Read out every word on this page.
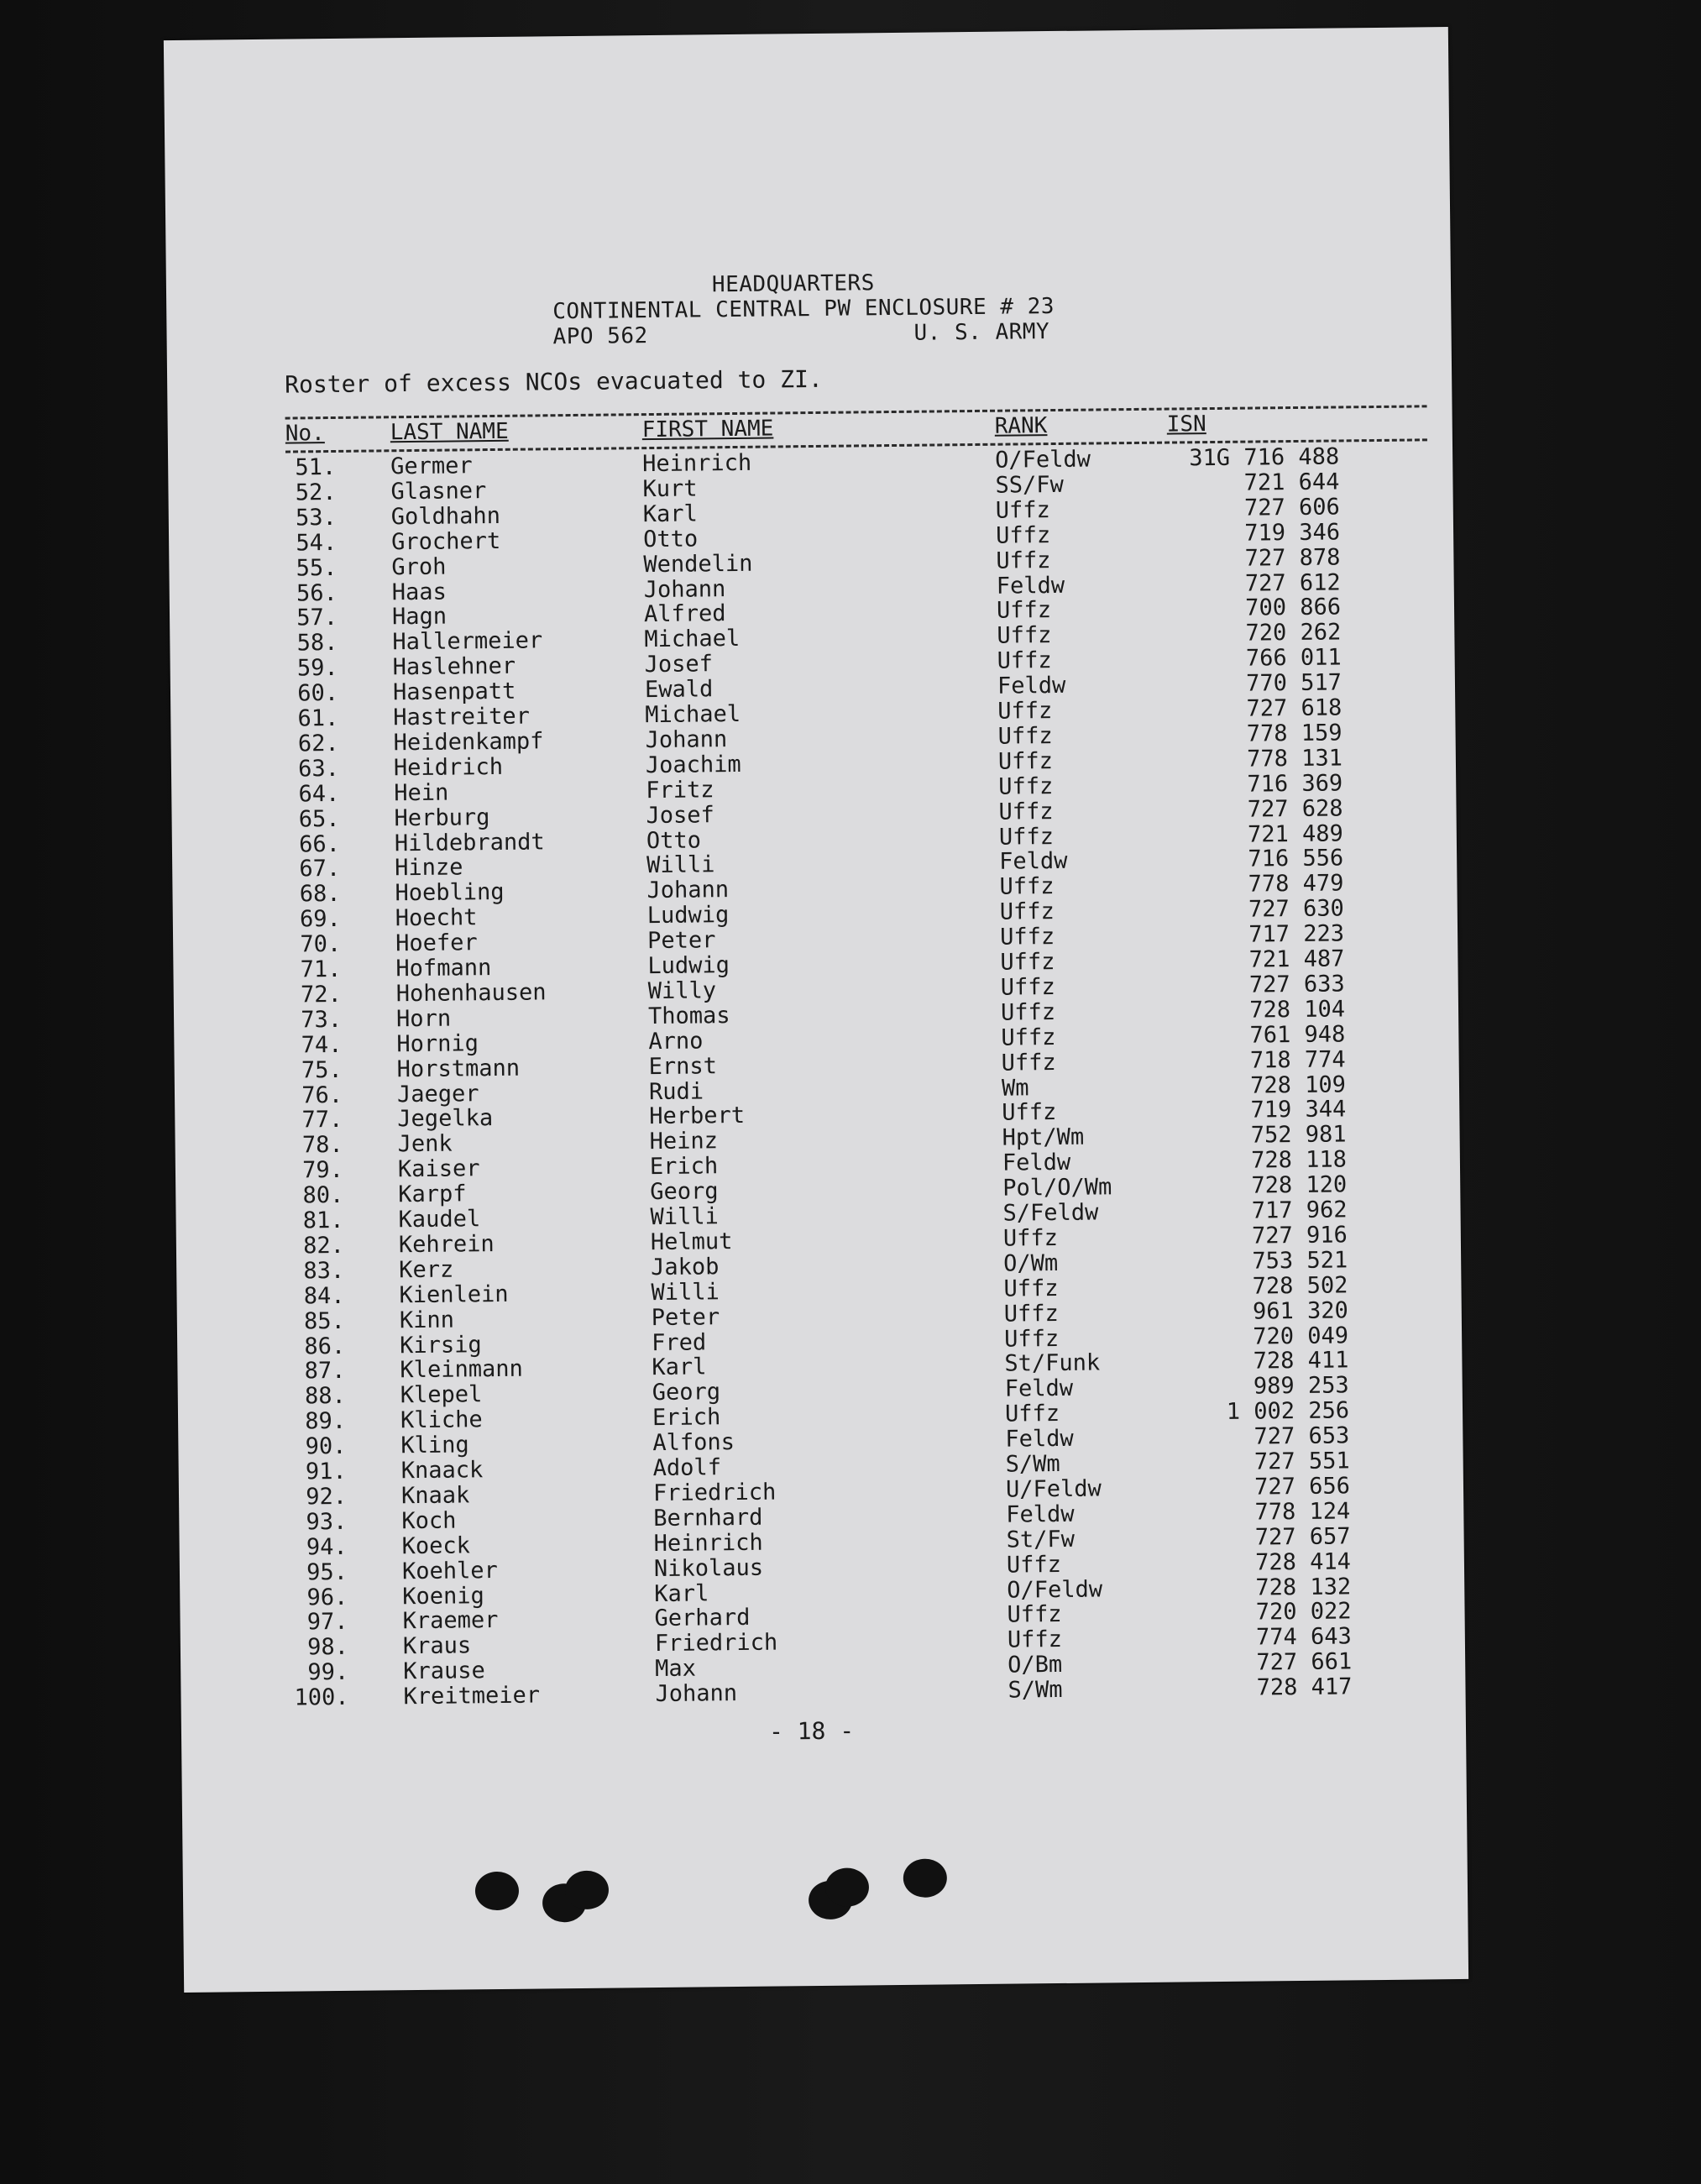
HEADQUARTERS
CONTINENTAL CENTRAL PW ENCLOSURE # 23
APO 562	U. S. ARMY
Roster of excess NCOs evacuated to ZI.
No.	LAST NAME	FIRST NAME	RANK	ISN
51. Germer	Heinrich	O/Feldw	31G 716 488
52. Glasner	Kurt	SS/Fw	721 644
53. Goldhahn	Karl	Uffz	727 606
54. Grochert	Otto	Uffz	719 346
55. Groh	Wendelin	Uffz	727 878
56. Haas	Johann	Feldw	727 612
57. Hagn	Alfred	Uffz	700 866
58. Hallermeier	Michael	Uffz	720 262
59. Haslehner	Josef	Uffz	766 011
60. Hasenpatt	Ewald	Feldw	770 517
61. Hastreiter	Michael	Uffz	727 618
62. Heidenkampf	Johann	Uffz	778 159
63. Heidrich	Joachim	Uffz	778 131
64. Hein	Fritz	Uffz	716 369
65. Herburg	Josef	Uffz	727 628
66. Hildebrandt	Otto	Uffz	721 489
67. Hinze	Willi	Feldw	716 556
68. Hoebling	Johann	Uffz	778 479
69. Hoecht	Ludwig	Uffz	727 630
70. Hoefer	Peter	Uffz	717 223
71. Hofmann	Ludwig	Uffz	721 487
72. Hohenhausen	Willy	Uffz	727 633
73. Horn	Thomas	Uffz	728 104
74. Hornig	Arno	Uffz	761 948
75. Horstmann	Ernst	Uffz	718 774
76. Jaeger	Rudi	Wm	728 109
77. Jegelka	Herbert	Uffz	719 344
78. Jenk	Heinz	Hpt/Wm	752 981
79. Kaiser	Erich	Feldw	728 118
80. Karpf	Georg	Pol/O/Wm	728 120
81. Kaudel	Willi	S/Feldw	717 962
82. Kehrein	Helmut	Uffz	727 916
83. Kerz	Jakob	O/Wm	753 521
84. Kienlein	Willi	Uffz	728 502
85. Kinn	Peter	Uffz	961 320
86. Kirsig	Fred	Uffz	720 049
87. Kleinmann	Karl	St/Funk	728 411
88. Klepel	Georg	Feldw	989 253
89. Kliche	Erich	Uffz	1 002 256
90. Kling	Alfons	Feldw	727 653
91. Knaack	Adolf	S/Wm	727 551
92. Knaak	Friedrich	U/Feldw	727 656
93. Koch	Bernhard	Feldw	778 124
94. Koeck	Heinrich	St/Fw	727 657
95. Koehler	Nikolaus	Uffz	728 414
96. Koenig	Karl	O/Feldw	728 132
97. Kraemer	Gerhard	Uffz	720 022
98. Kraus	Friedrich	Uffz	774 643
99. Krause	Max	O/Bm	727 661
100. Kreitmeier	Johann	S/Wm	728 417
- 18 -
